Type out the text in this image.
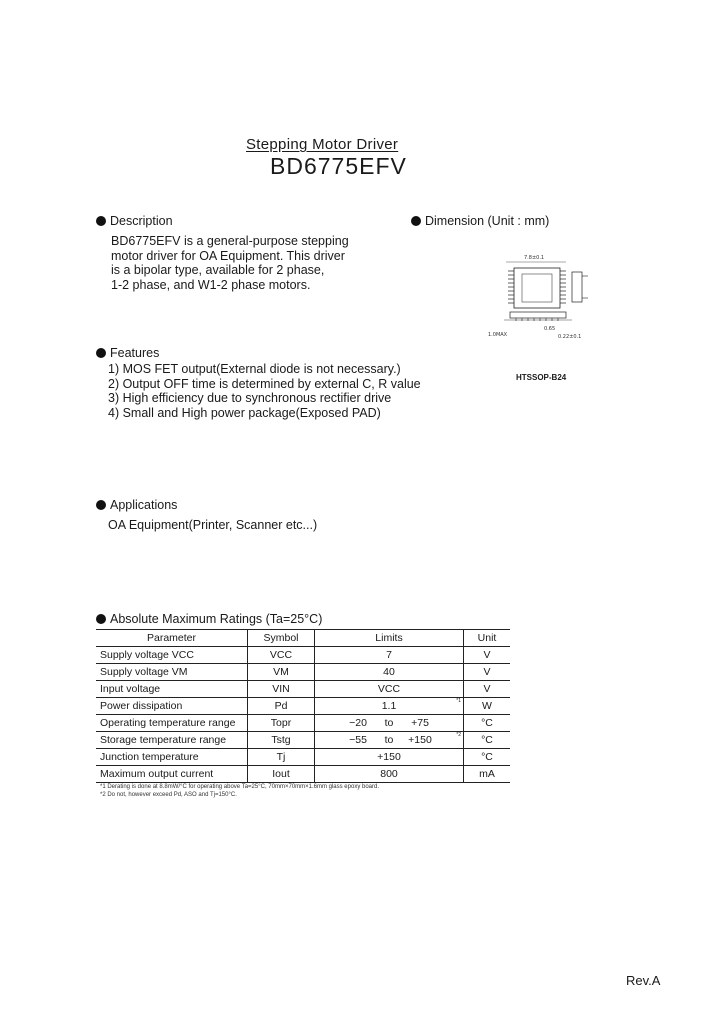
Stepping Motor Driver
BD6775EFV
Description
BD6775EFV is a general-purpose stepping
motor driver for OA Equipment. This driver
is a bipolar type, available for 2 phase,
1-2 phase, and W1-2 phase motors.
Dimension (Unit : mm)
7.8±0.1
0.65
0.22±0.1
1.0MAX
HTSSOP-B24
Features
1) MOS FET output(External diode is not necessary.)
2) Output OFF time is determined by external C, R value
3) High efficiency due to synchronous rectifier drive
4) Small and High power package(Exposed PAD)
Applications
OA Equipment(Printer, Scanner etc...)
Absolute Maximum Ratings (Ta=25°C)
Parameter	Symbol	Limits	Unit
Supply voltage VCC	VCC	7	V
Supply voltage VM	VM	40	V
Input voltage	VIN	VCC	V
Power dissipation	Pd	1.1 *1	W
Operating temperature range	Topr	−20 to +75	°C
Storage temperature range	Tstg	−55 to +150 *2	°C
Junction temperature	Tj	+150	°C
Maximum output current	Iout	800	mA
*1 Derating is done at 8.8mW/°C for operating above Ta=25°C, 70mm×70mm×1.6mm glass epoxy board.
*2 Do not, however exceed Pd, ASO and Tj=150°C.
Rev.A
